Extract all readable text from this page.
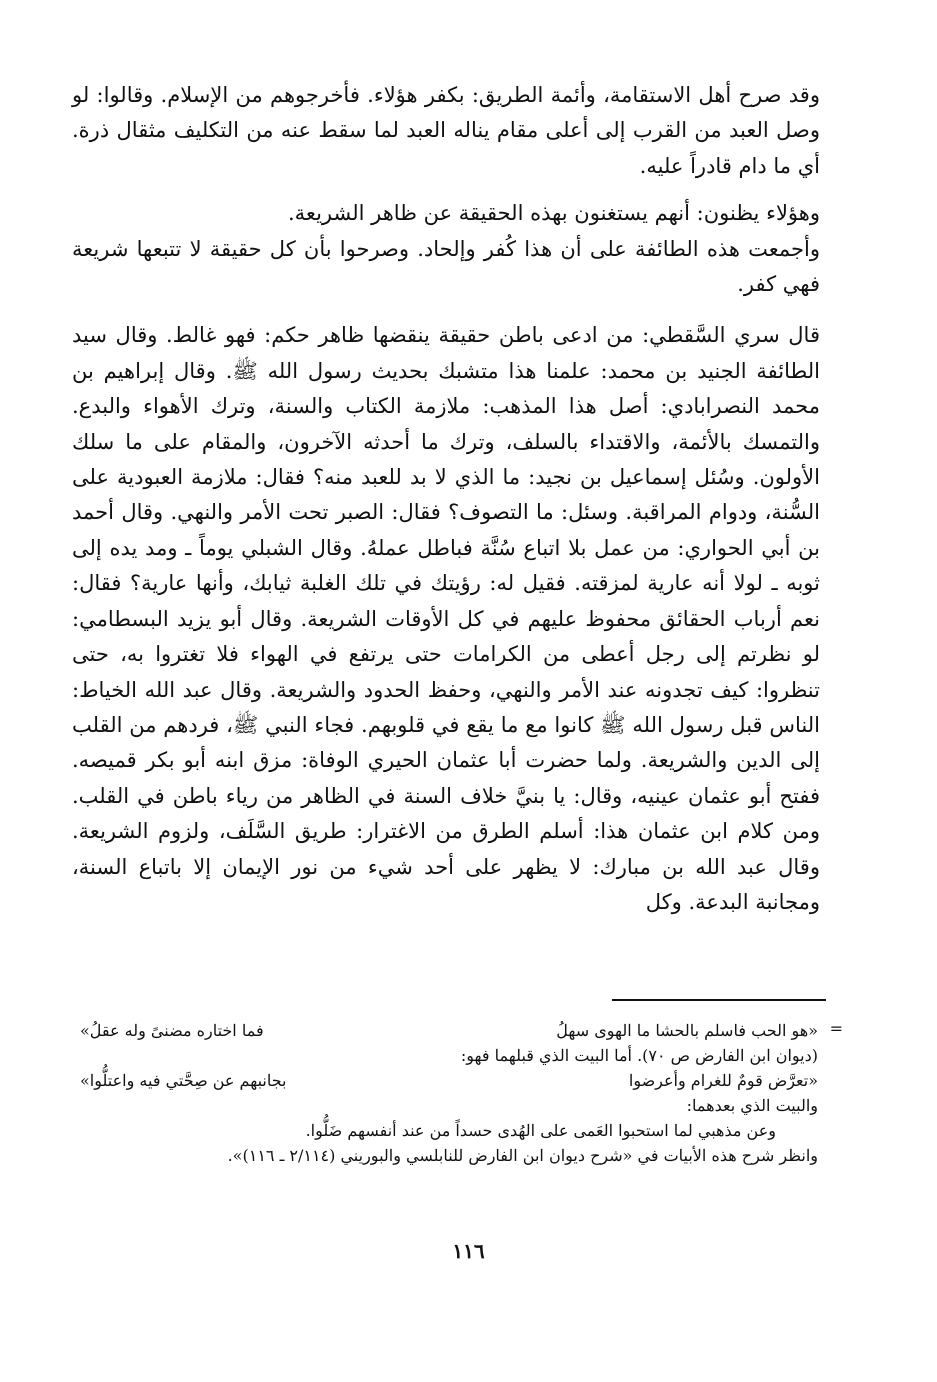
وقد صرح أهل الاستقامة، وأئمة الطريق: بكفر هؤلاء. فأخرجوهم من الإسلام. وقالوا: لو وصل العبد من القرب إلى أعلى مقام يناله العبد لما سقط عنه من التكليف مثقال ذرة. أي ما دام قادراً عليه.

وهؤلاء يظنون: أنهم يستغنون بهذه الحقيقة عن ظاهر الشريعة.

وأجمعت هذه الطائفة على أن هذا كُفر وإلحاد. وصرحوا بأن كل حقيقة لا تتبعها شريعة فهي كفر.

قال سري السَّقطي: من ادعى باطن حقيقة ينقضها ظاهر حكم: فهو غالط. وقال سيد الطائفة الجنيد بن محمد: علمنا هذا متشبك بحديث رسول الله ﷺ. وقال إبراهيم بن محمد النصرابادي: أصل هذا المذهب: ملازمة الكتاب والسنة، وترك الأهواء والبدع. والتمسك بالأئمة، والاقتداء بالسلف، وترك ما أحدثه الآخرون، والمقام على ما سلك الأولون. وسُئل إسماعيل بن نجيد: ما الذي لا بد للعبد منه؟ فقال: ملازمة العبودية على السُّنة، ودوام المراقبة. وسئل: ما التصوف؟ فقال: الصبر تحت الأمر والنهي. وقال أحمد بن أبي الحواري: من عمل بلا اتباع سُنَّة فباطل عملهُ. وقال الشبلي يوماً ـ ومد يده إلى ثوبه ـ لولا أنه عارية لمزقته. فقيل له: رؤيتك في تلك الغلبة ثيابك، وأنها عارية؟ فقال: نعم أرباب الحقائق محفوظ عليهم في كل الأوقات الشريعة. وقال أبو يزيد البسطامي: لو نظرتم إلى رجل أعطى من الكرامات حتى يرتفع في الهواء فلا تغتروا به، حتى تنظروا: كيف تجدونه عند الأمر والنهي، وحفظ الحدود والشريعة. وقال عبد الله الخياط: الناس قبل رسول الله ﷺ كانوا مع ما يقع في قلوبهم. فجاء النبي ﷺ، فردهم من القلب إلى الدين والشريعة. ولما حضرت أبا عثمان الحيري الوفاة: مزق ابنه أبو بكر قميصه. ففتح أبو عثمان عينيه، وقال: يا بنيَّ خلاف السنة في الظاهر من رياء باطن في القلب. ومن كلام ابن عثمان هذا: أسلم الطرق من الاغترار: طريق السَّلَف، ولزوم الشريعة. وقال عبد الله بن مبارك: لا يظهر على أحد شيء من نور الإيمان إلا باتباع السنة، ومجانبة البدعة. وكل

=
«هو الحب فاسلم بالحشا ما الهوى سهلُ
فما اختاره مضنىً وله عقلُ»

(ديوان ابن الفارض ص ٧٠). أما البيت الذي قبلهما فهو:

«تعرَّض قومٌ للغرام وأعرضوا
بجانبهم عن صِحَّتي فيه واعتلُّوا»

والبيت الذي بعدهما:

وعن مذهبي لما استحبوا العَمى على الهُدى حسداً من عند أنفسهم ضَلُّوا.

وانظر شرح هذه الأبيات في «شرح ديوان ابن الفارض للنابلسي والبوريني (٢/١١٤ ـ ١١٦)».

١١٦
